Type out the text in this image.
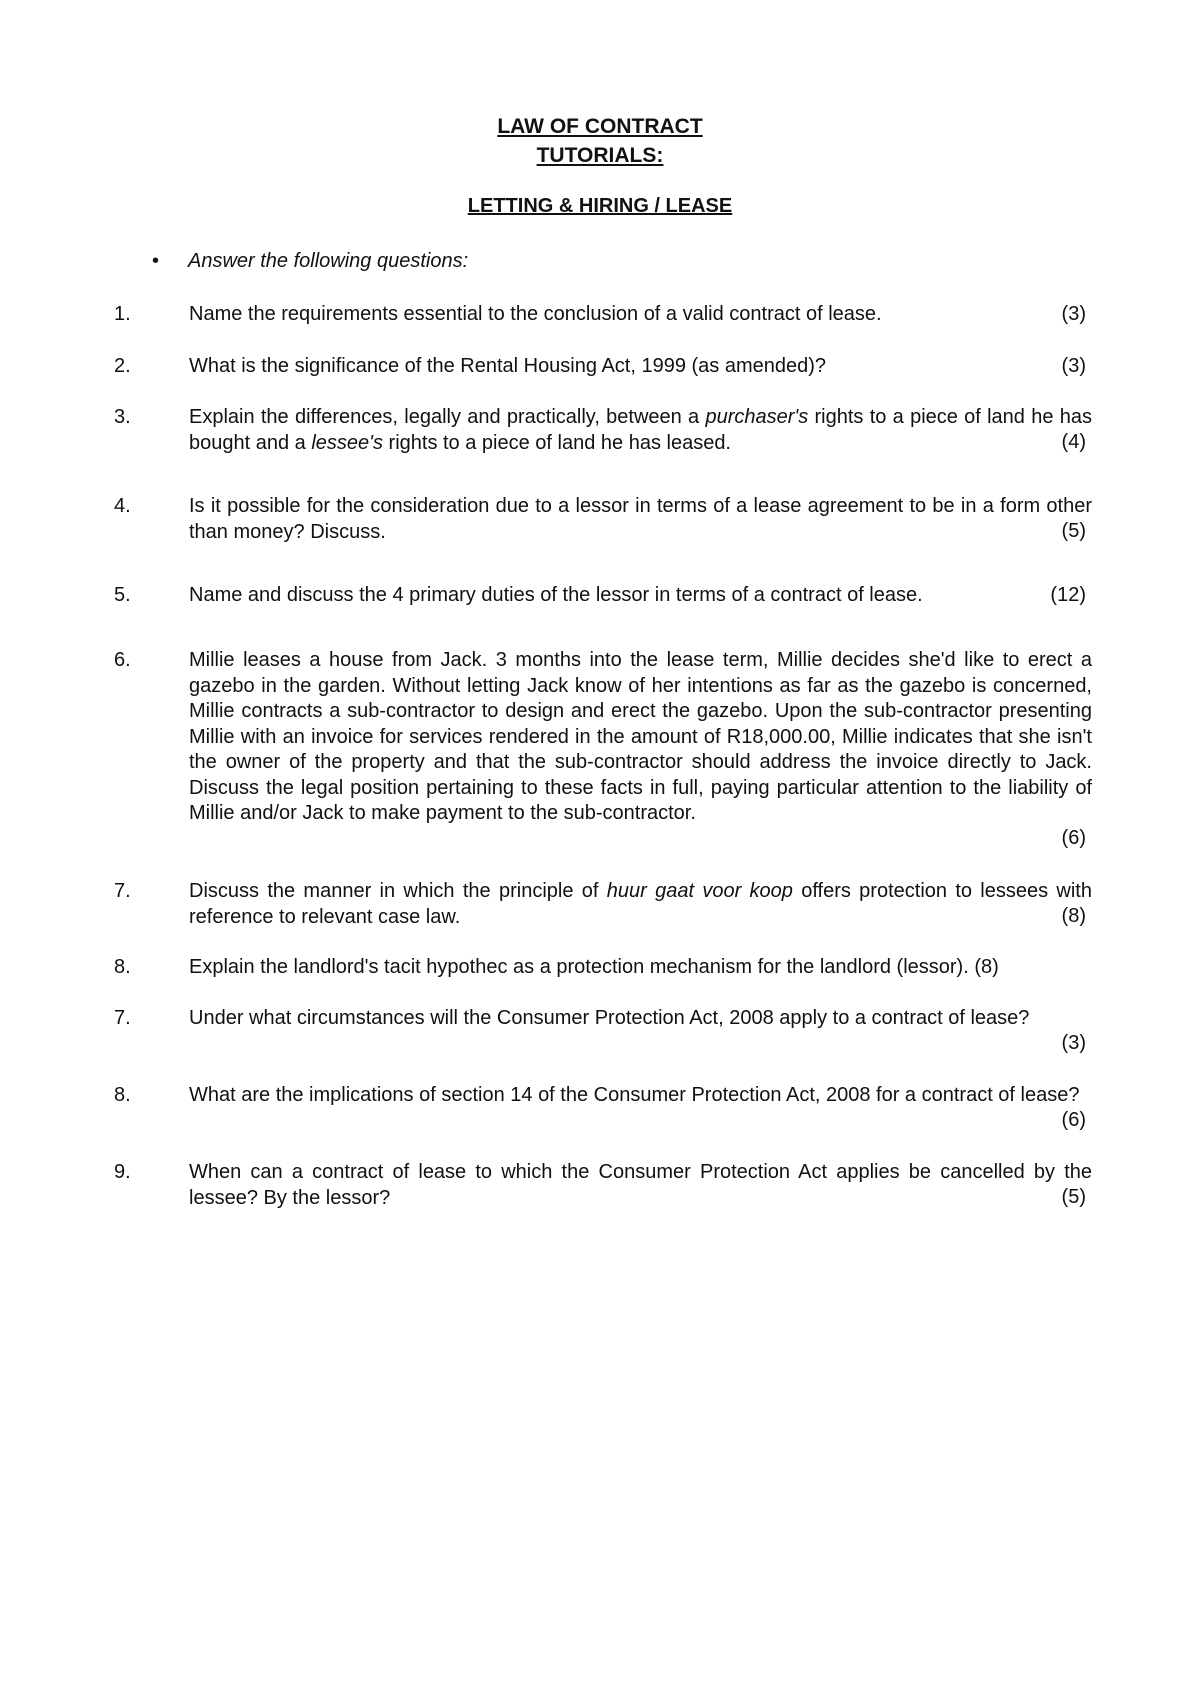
LAW OF CONTRACT
TUTORIALS:
LETTING & HIRING / LEASE
• Answer the following questions:
1.	Name the requirements essential to the conclusion of a valid contract of lease.	(3)
2.	What is the significance of the Rental Housing Act, 1999 (as amended)?	(3)
3.	Explain the differences, legally and practically, between a purchaser's rights to a piece of land he has bought and a lessee's rights to a piece of land he has leased.	(4)
4.	Is it possible for the consideration due to a lessor in terms of a lease agreement to be in a form other than money? Discuss.	(5)
5.	Name and discuss the 4 primary duties of the lessor in terms of a contract of lease.	(12)
6.	Millie leases a house from Jack. 3 months into the lease term, Millie decides she'd like to erect a gazebo in the garden. Without letting Jack know of her intentions as far as the gazebo is concerned, Millie contracts a sub-contractor to design and erect the gazebo. Upon the sub-contractor presenting Millie with an invoice for services rendered in the amount of R18,000.00, Millie indicates that she isn't the owner of the property and that the sub-contractor should address the invoice directly to Jack. Discuss the legal position pertaining to these facts in full, paying particular attention to the liability of Millie and/or Jack to make payment to the sub-contractor.
(6)
7.	Discuss the manner in which the principle of huur gaat voor koop offers protection to lessees with reference to relevant case law.	(8)
8.	Explain the landlord's tacit hypothec as a protection mechanism for the landlord (lessor). (8)
7.	Under what circumstances will the Consumer Protection Act, 2008 apply to a contract of lease?
(3)
8.	What are the implications of section 14 of the Consumer Protection Act, 2008 for a contract of lease?
(6)
9.	When can a contract of lease to which the Consumer Protection Act applies be cancelled by the lessee? By the lessor?	(5)
